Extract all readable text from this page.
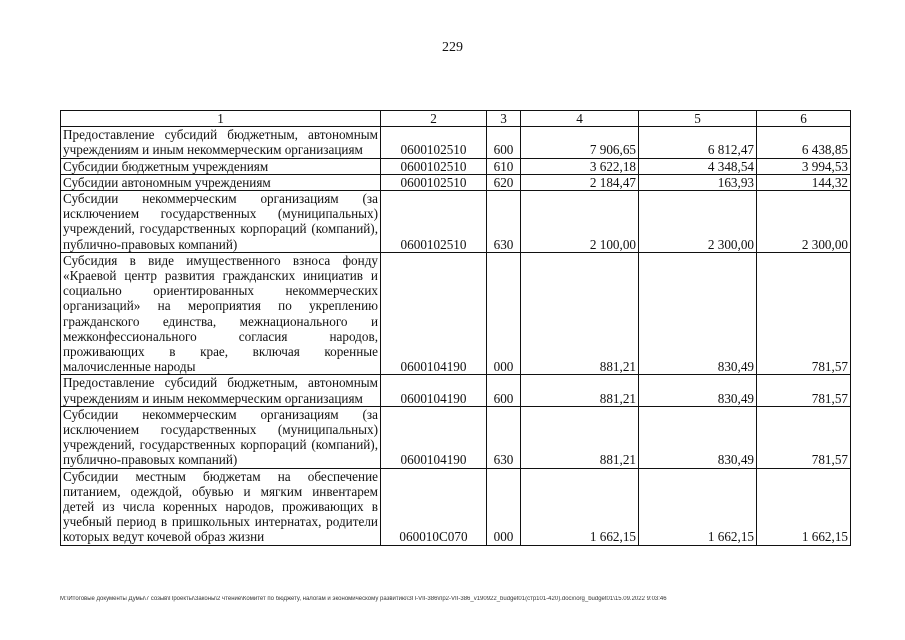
229
1	2	3	4	5	6
Предоставление субсидий бюджетным, автономным учреждениям и иным некоммерческим организациям	0600102510	600	7 906,65	6 812,47	6 438,85
Субсидии бюджетным учреждениям	0600102510	610	3 622,18	4 348,54	3 994,53
Субсидии автономным учреждениям	0600102510	620	2 184,47	163,93	144,32
Субсидии некоммерческим организациям (за исключением государственных (муниципальных) учреждений, государственных корпораций (компаний), публично-правовых компаний)	0600102510	630	2 100,00	2 300,00	2 300,00
Субсидия в виде имущественного взноса фонду «Краевой центр развития гражданских инициатив и социально ориентированных некоммерческих организаций» на мероприятия по укреплению гражданского единства, межнационального и межконфессионального согласия народов, проживающих в крае, включая коренные малочисленные народы	0600104190	000	881,21	830,49	781,57
Предоставление субсидий бюджетным, автономным учреждениям и иным некоммерческим организациям	0600104190	600	881,21	830,49	781,57
Субсидии некоммерческим организациям (за исключением государственных (муниципальных) учреждений, государственных корпораций (компаний), публично-правовых компаний)	0600104190	630	881,21	830,49	781,57
Субсидии местным бюджетам на обеспечение питанием, одеждой, обувью и мягким инвентарем детей из числа коренных народов, проживающих в учебный период в пришкольных интернатах, родители которых ведут кочевой образ жизни	060010С070	000	1 662,15	1 662,15	1 662,15
M:\Итоговые документы Думы\7 созыв\Проекты\Законы\2 чтение\Комитет по бюджету, налогам и экономическому развитию\ЗП-VII-386\пр2-VII-386_v190922_budget01(стр101-420).docx\org_budget01\15.09.2022 9:03:46
